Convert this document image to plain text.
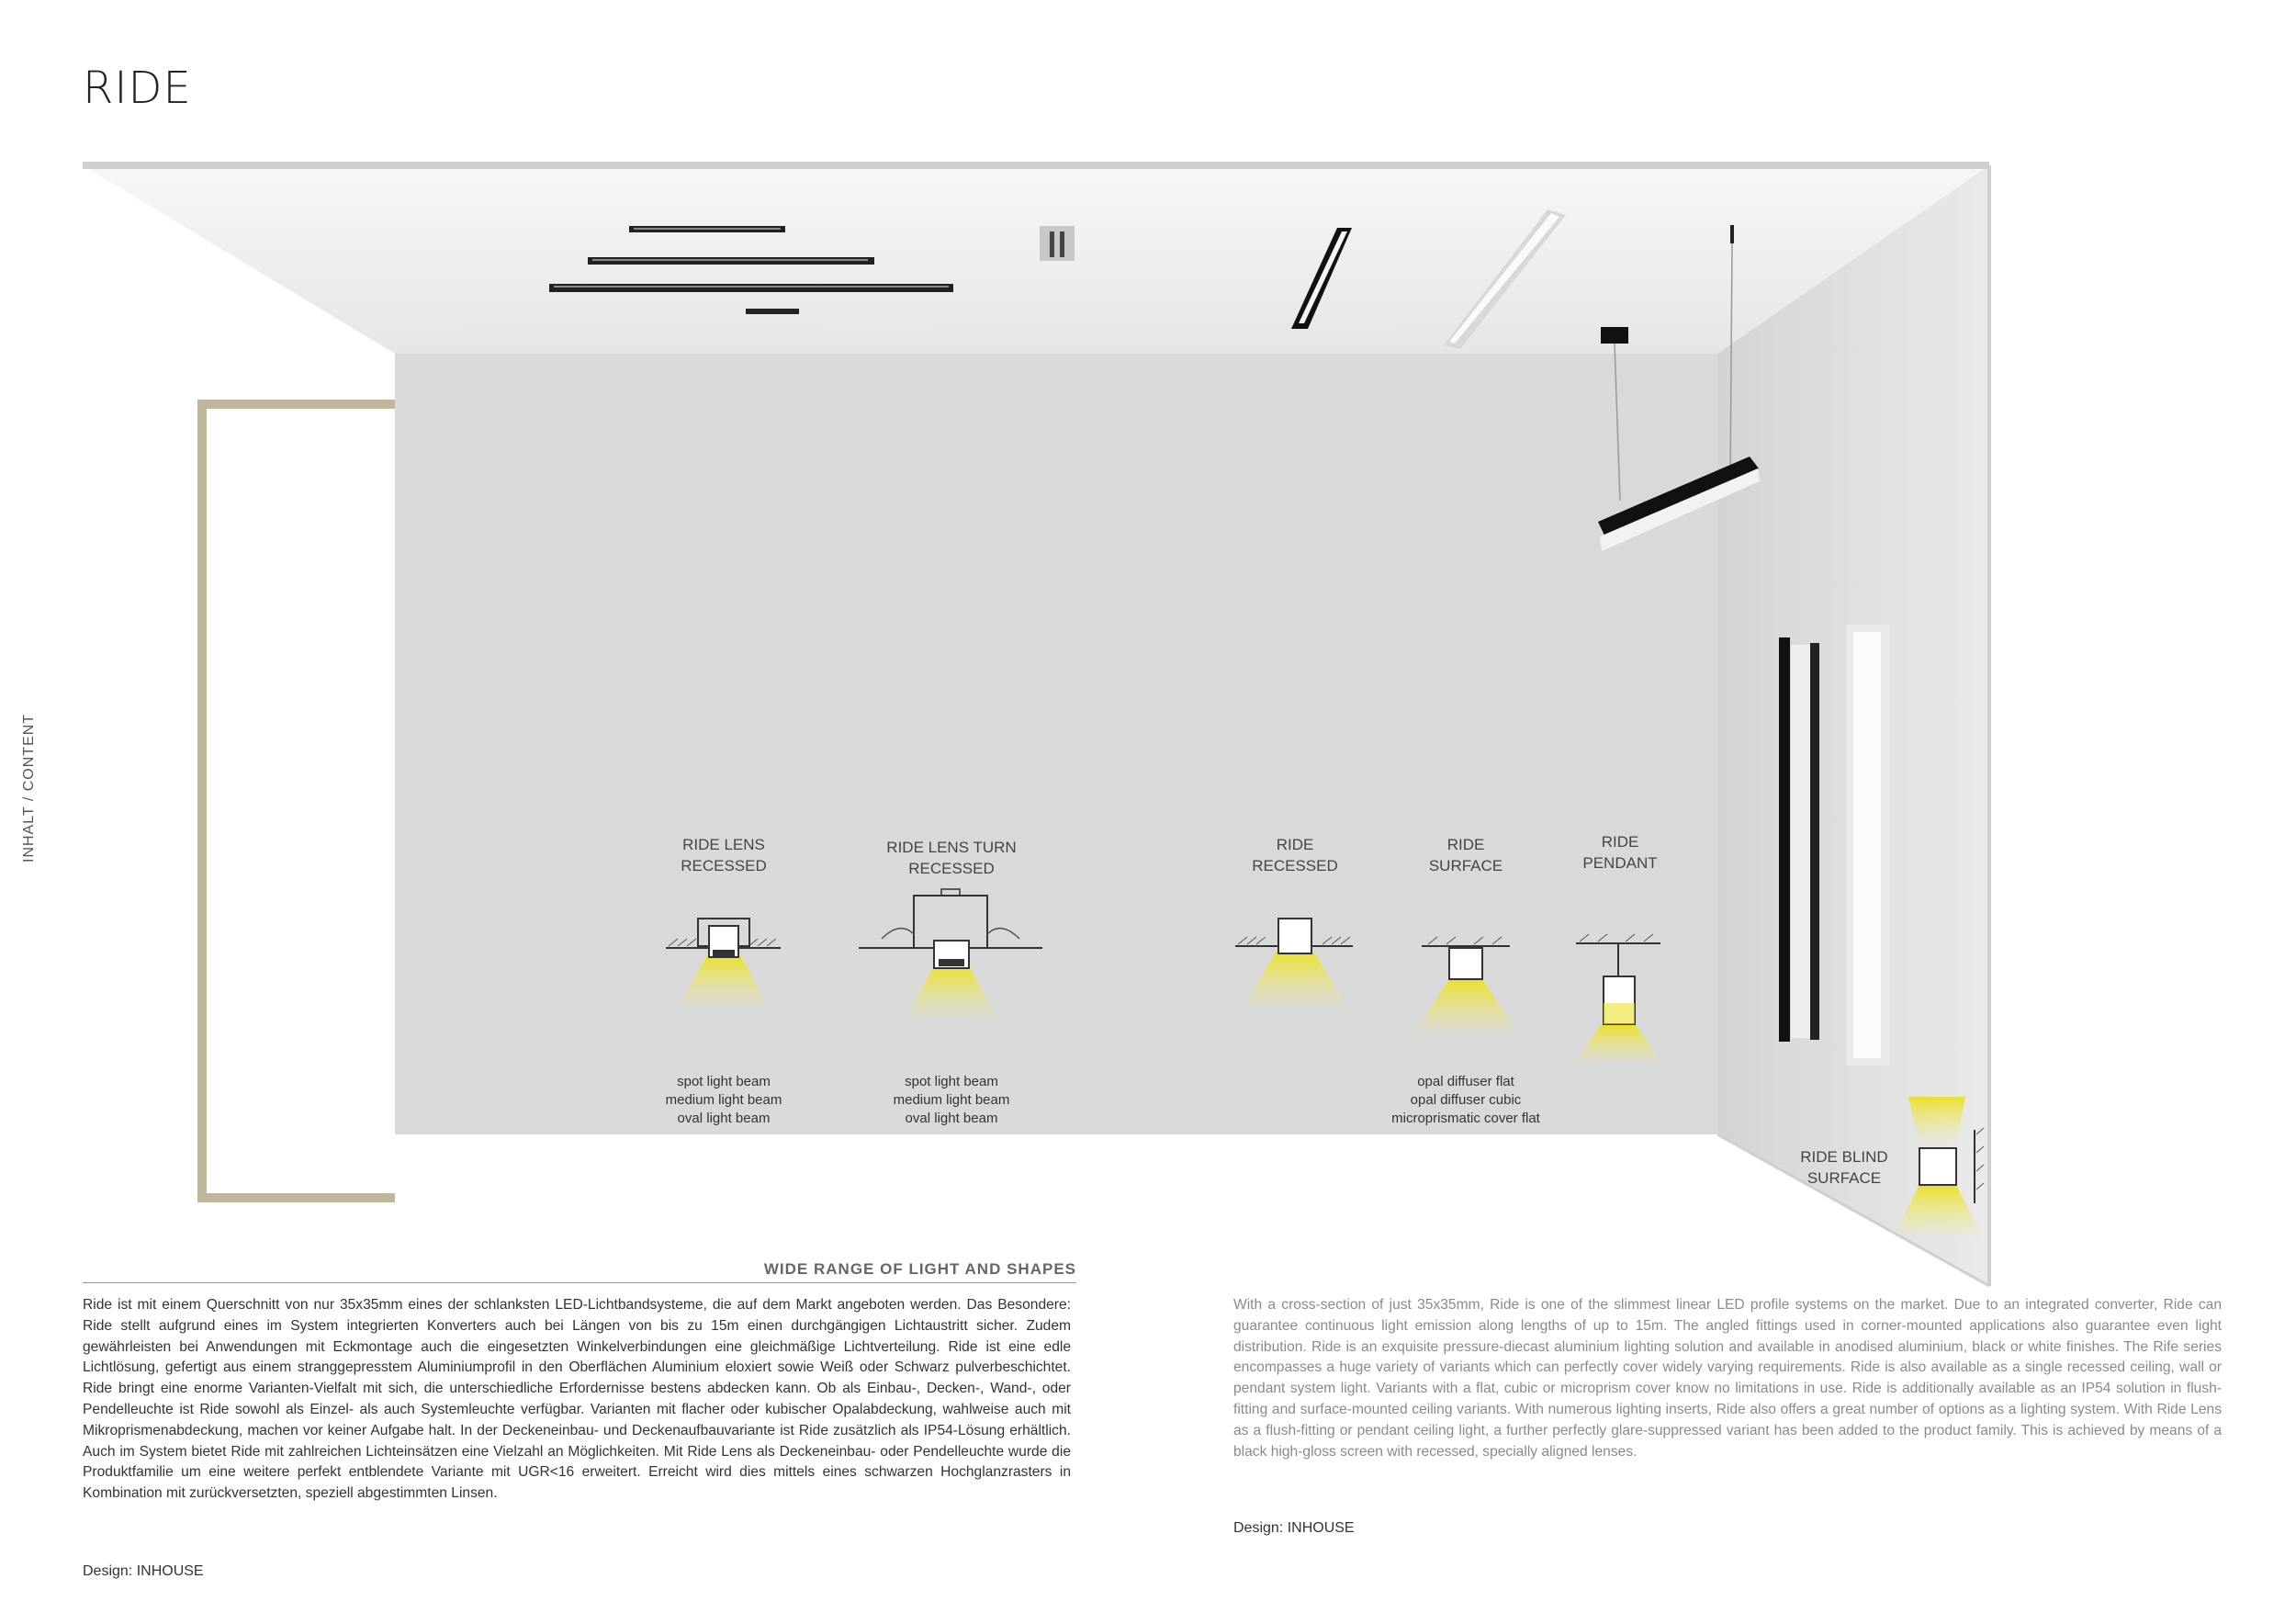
RIDE
INHALT / CONTENT	RIDE LENS
RECESSED
RIDE LENS TURN
RECESSED
RIDE
RECESSED
RIDE
SURFACE
RIDE
PENDANT
RIDE BLIND
SURFACE
spot light beam
medium light beam
oval light beam
spot light beam
medium light beam
oval light beam
opal diffuser flat
opal diffuser cubic
microprismatic cover flat
WIDE RANGE OF LIGHT AND SHAPES
Ride ist mit einem Querschnitt von nur 35x35mm eines der schlanksten LED-Lichtbandsysteme, die auf dem Markt angeboten werden. Das Besondere: Ride stellt aufgrund eines im System integrierten Konverters auch bei Längen von bis zu 15m einen durchgängigen Lichtaustritt sicher. Zudem gewährleisten bei Anwendungen mit Eckmontage auch die eingesetzten Winkelverbindungen eine gleichmäßige Lichtverteilung. Ride ist eine edle Lichtlösung, gefertigt aus einem stranggepresstem Aluminiumprofil in den Oberflächen Aluminium eloxiert sowie Weiß oder Schwarz pulverbeschichtet. Ride bringt eine enorme Varianten-Vielfalt mit sich, die unterschiedliche Erfordernisse bestens abdecken kann. Ob als Einbau-, Decken-, Wand-, oder Pendelleuchte ist Ride sowohl als Einzel- als auch Systemleuchte verfügbar. Varianten mit flacher oder kubischer Opalabdeckung, wahlweise auch mit Mikroprismenabdeckung, machen vor keiner Aufgabe halt. In der Deckeneinbau- und Deckenaufbauvariante ist Ride zusätzlich als IP54-Lösung erhältlich. Auch im System bietet Ride mit zahlreichen Lichteinsätzen eine Vielzahl an Möglichkeiten. Mit Ride Lens als Deckeneinbau- oder Pendelleuchte wurde die Produktfamilie um eine weitere perfekt entblendete Variante mit UGR<16 erweitert. Erreicht wird dies mittels eines schwarzen Hochglanzrasters in Kombination mit zurückversetzten, speziell abgestimmten Linsen.
With a cross-section of just 35x35mm, Ride is one of the slimmest linear LED profile systems on the market. Due to an integrated converter, Ride can guarantee continuous light emission along lengths of up to 15m. The angled fittings used in corner-mounted applications also guarantee even light distribution. Ride is an exquisite pressure-diecast aluminium lighting solution and available in anodised aluminium, black or white finishes. The Rife series encompasses a huge variety of variants which can perfectly cover widely varying requirements. Ride is also available as a single recessed ceiling, wall or pendant system light. Variants with a flat, cubic or microprism cover know no limitations in use. Ride is additionally available as an IP54 solution in flush-fitting and surface-mounted ceiling variants. With numerous lighting inserts, Ride also offers a great number of options as a lighting system. With Ride Lens as a flush-fitting or pendant ceiling light, a further perfectly glare-suppressed variant has been added to the product family. This is achieved by means of a black high-gloss screen with recessed, specially aligned lenses.
Design: INHOUSE
Design: INHOUSE
